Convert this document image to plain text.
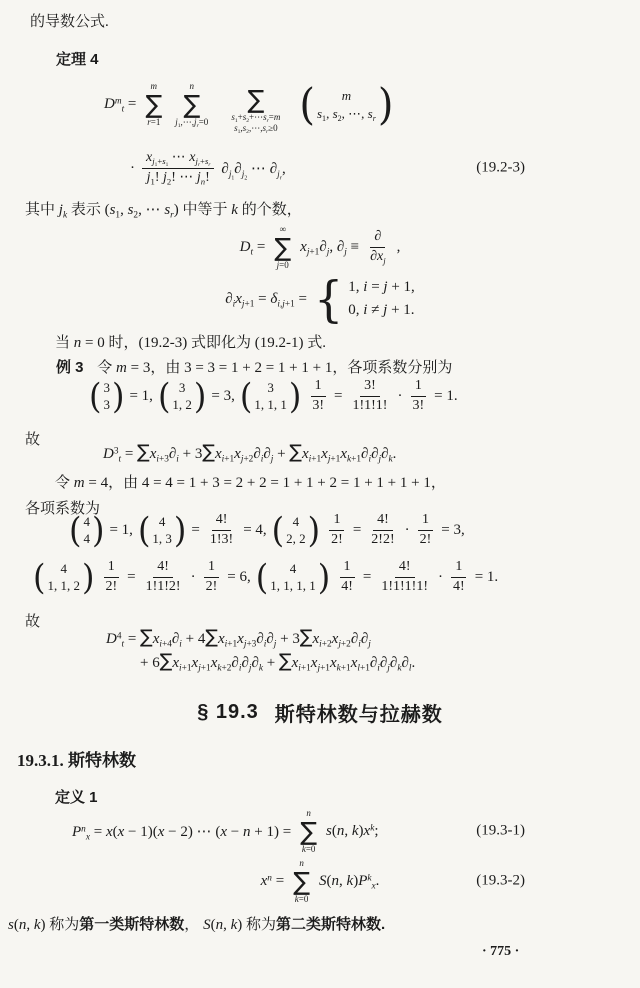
的导数公式.
定理 4
$D^m_t$ =
m
∑
r=1
n
∑
$j_1,\cdots,j_r=0$

∑
$s_1+s_2+\cdots s_r=m$
$s_1,s_2,\cdots,s_r\ge 0$ ( m
$s_1$, $s_2$, ⋯, $s_r$ )
· $\frac{x_{j_1+s_1} \cdots x_{j_r+s_r}}{j_1! j_2! \cdots j_n!} \partial_{j_1}\partial_{j_2}$ ⋯ $\partial_{j_r}$,	(19.2-3)
其中 $j_k$ 表示 ($s_1$, $s_2$, ⋯ $s_r$) 中等于 k 的个数，
$D_t$ =
∞
∑
j=0
$x_{j+1}\partial_j$, $\partial_j \equiv \frac{\partial}{\partial x_j}$ ,
$\partial_ix_{j+1} = \delta_{i,j+1}$ = { 1, i = j + 1,
0, i ≠ j + 1.
当 n = 0 时，(19.2-3) 式即化为 (19.2-1) 式.
例 3 令 m = 3，由 3 = 3 = 1 + 2 = 1 + 1 + 1，各项系数分别为
( 3
3 ) = 1, ( 3
1, 2 ) = 3, ( 3
1, 1, 1 ) $\frac{1}{3!} = \frac{3!}{1!1!1!} \cdot \frac{1}{3!} = 1$.
故
$D^3_t = \sum x_{i+3}\partial_i + 3\sum x_{i+1}x_{j+2}\partial_i\partial_j + \sum x_{i+1}x_{j+1}x_{k+1}\partial_i\partial_j\partial_k$.
令 m = 4，由 4 = 4 = 1 + 3 = 2 + 2 = 1 + 1 + 2 = 1 + 1 + 1 + 1，
各项系数为
( 4
4 ) = 1, ( 4
1, 3 ) = $\frac{4!}{1!3!} = 4$, ( 4
2, 2 ) $\frac{1}{2!} = \frac{4!}{2!2!} \cdot \frac{1}{2!} = 3$,
( 4
1, 1, 2 ) $\frac{1}{2!} = \frac{4!}{1!1!2!} \cdot \frac{1}{2!} = 6$, ( 4
1, 1, 1, 1 ) $\frac{1}{4!} = \frac{4!}{1!1!1!1!} \cdot \frac{1}{4!} = 1$.
故
$D^4_t = \sum x_{i+4}\partial_i + 4\sum x_{i+1}x_{j+3}\partial_i\partial_j + 3\sum x_{i+2}x_{j+2}\partial_i\partial_j$
+ $6\sum x_{i+1}x_{j+1}x_{k+2}\partial_i\partial_j\partial_k + \sum x_{i+1}x_{j+1}x_{k+1}x_{l+1}\partial_i\partial_j\partial_k\partial_l$.
§ 19.3 斯特林数与拉赫数
19.3.1. 斯特林数
定义 1
$P^n_x = x(x - 1)(x - 2)$ ⋯ (x − n + 1) =
n
∑
k=0
s(n, $k)x^k$;	(19.3-1)
$x^n$ =
n
∑
k=0
S(n, $k)P^k_x$.	(19.3-2)
s(n, k) 称为第一类斯特林数， S(n, k) 称为第二类斯特林数.
· 775 ·
